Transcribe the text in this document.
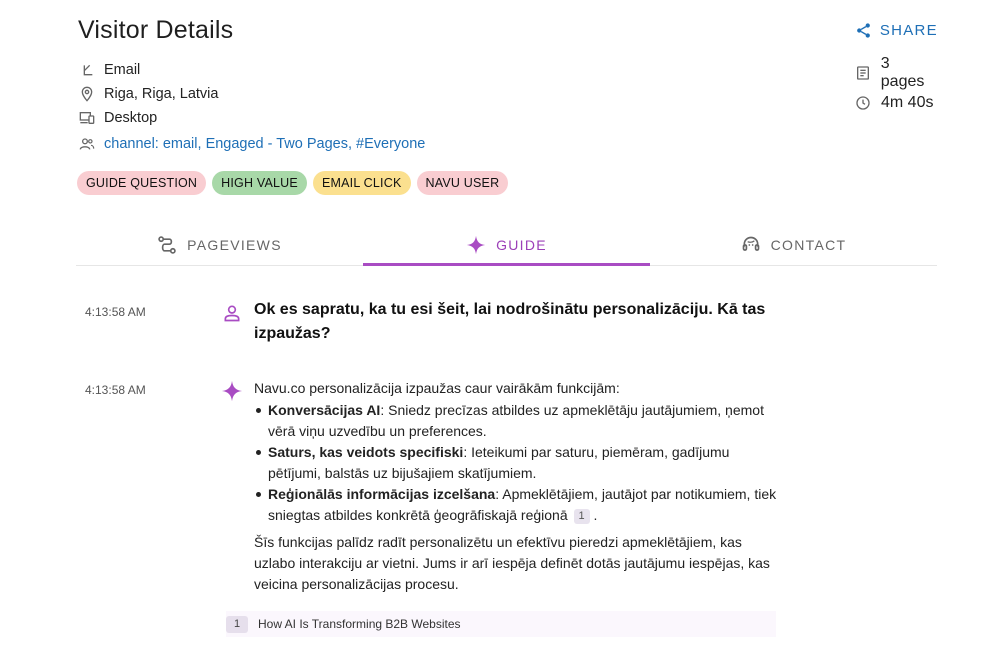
Visitor Details	SHARE
Email
Riga, Riga, Latvia
Desktop
channel: email , Engaged - Two Pages , #Everyone
3 pages
4m 40s
GUIDE QUESTION	HIGH VALUE	EMAIL CLICK	NAVU USER
PAGEVIEWS	GUIDE	CONTACT
4:13:58 AM	Ok es sapratu, ka tu esi šeit, lai nodrošinātu personalizāciju. Kā tas izpaužas?
4:13:58 AM	Navu.co personalizācija izpaužas caur vairākām funkcijām:

Konversācijas AI: Sniedz precīzas atbildes uz apmeklētāju jautājumiem, ņemot vērā viņu uzvedību un preferences.
Saturs, kas veidots specifiski: Ieteikumi par saturu, piemēram, gadījumu pētījumi, balstās uz bijušajiem skatījumiem.
Reģionālās informācijas izcelšana: Apmeklētājiem, jautājot par notikumiem, tiek sniegtas atbildes konkrētā ģeogrāfiskajā reģionā 1 .

Šīs funkcijas palīdz radīt personalizētu un efektīvu pieredzi apmeklētājiem, kas uzlabo interakciju ar vietni. Jums ir arī iespēja definēt dotās jautājumu iespējas, kas veicina personalizācijas procesu.

1	How AI Is Transforming B2B Websites
